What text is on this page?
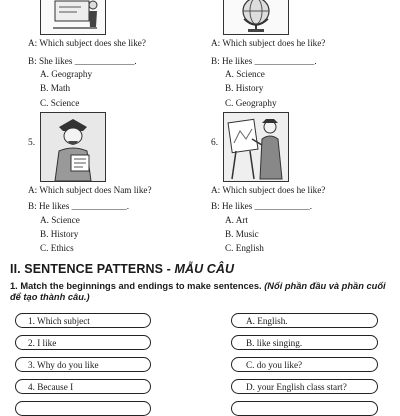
A: Which subject does she like?
B: She likes _____________.
A. Geography
B. Math
C. Science
A: Which subject does he like?
B: He likes _____________.
A. Science
B. History
C. Geography
5.
A: Which subject does Nam like?
B: He likes ____________.
A. Science
B. History
C. Ethics
6.
A: Which subject does he like?
B: He likes ____________.
A. Art
B. Music
C. English
II. SENTENCE PATTERNS - MẪU CÂU
1. Match the beginnings and endings to make sentences. (Nối phần đầu và phần cuối để tạo thành câu.)
1. Which subject
2. I like
3. Why do you like
4. Because I
A. English.
B. like singing.
C. do you like?
D. your English class start?
